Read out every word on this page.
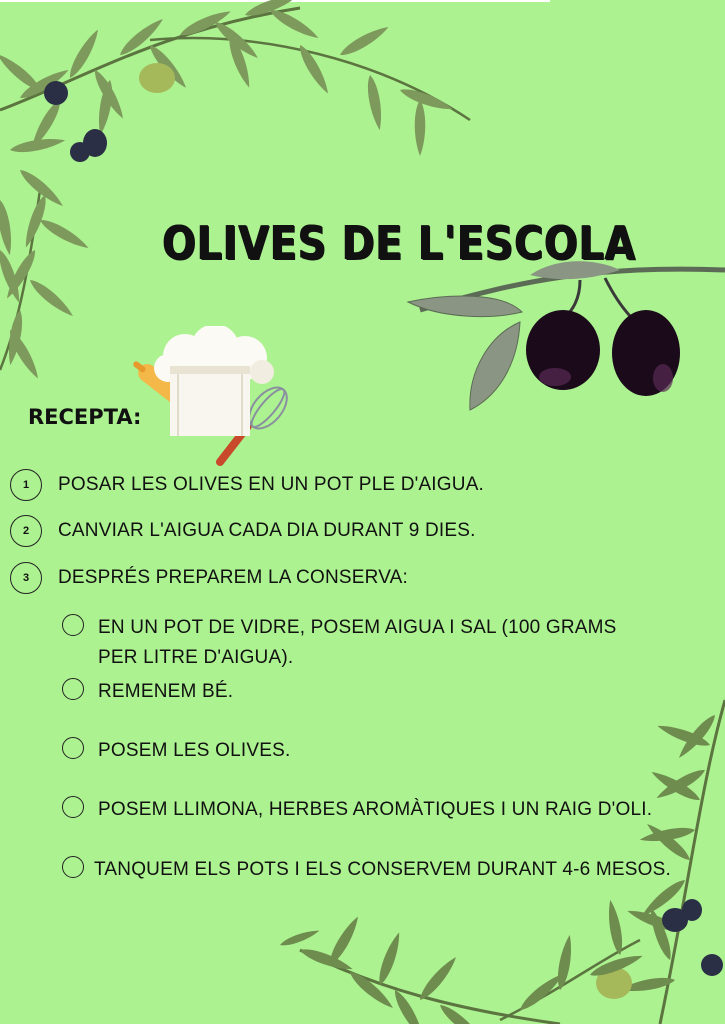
OLIVES DE L'ESCOLA
RECEPTA:
1	POSAR LES OLIVES EN UN POT PLE D'AIGUA.
2	CANVIAR L'AIGUA CADA DIA DURANT 9 DIES.
3	DESPRÉS PREPAREM LA CONSERVA:
EN UN POT DE VIDRE, POSEM AIGUA I SAL (100 GRAMS
PER LITRE D'AIGUA).
REMENEM BÉ.
POSEM LES OLIVES.
POSEM LLIMONA, HERBES AROMÀTIQUES I UN RAIG D'OLI.
TANQUEM ELS POTS I ELS CONSERVEM DURANT 4-6 MESOS.
